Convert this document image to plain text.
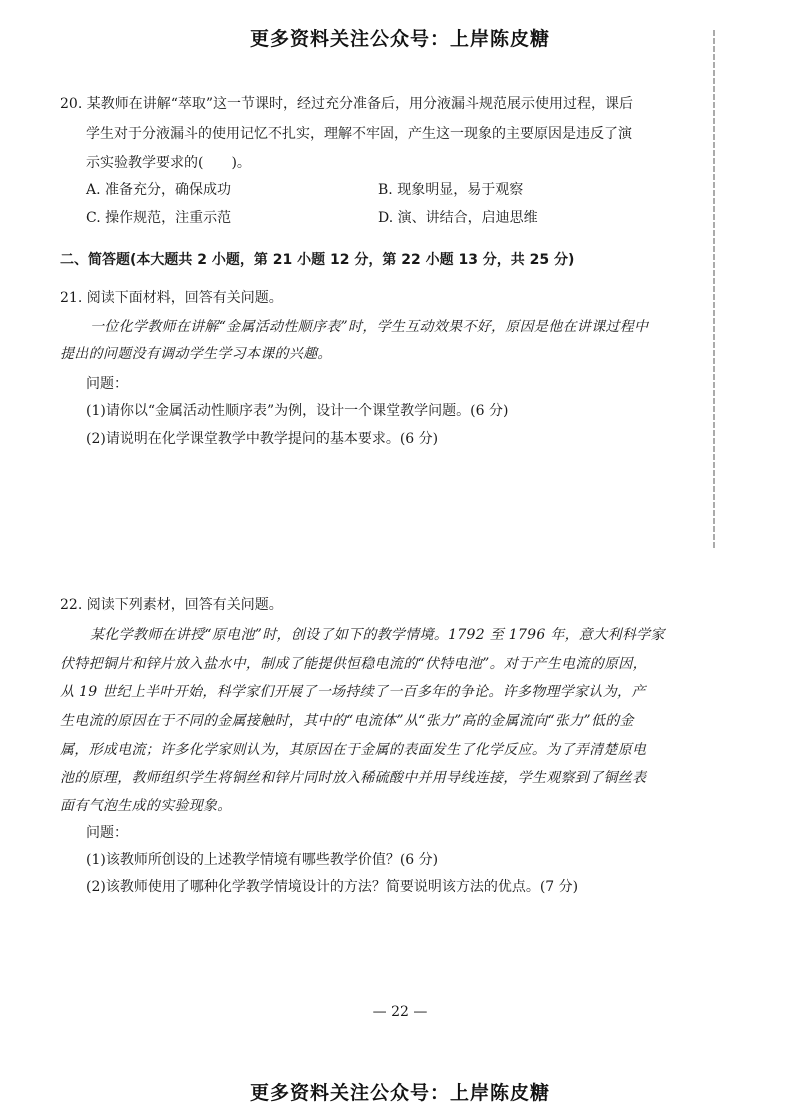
更多资料关注公众号：上岸陈皮糖
20. 某教师在讲解“萃取”这一节课时，经过充分准备后，用分液漏斗规范展示使用过程，课后
学生对于分液漏斗的使用记忆不扎实，理解不牢固，产生这一现象的主要原因是违反了演
示实验教学要求的(　　)。
A. 准备充分，确保成功	B. 现象明显，易于观察
C. 操作规范，注重示范	D. 演、讲结合，启迪思维
二、简答题(本大题共 2 小题，第 21 小题 12 分，第 22 小题 13 分，共 25 分)
21. 阅读下面材料，回答有关问题。
一位化学教师在讲解“金属活动性顺序表”时，学生互动效果不好，原因是他在讲课过程中
提出的问题没有调动学生学习本课的兴趣。
问题：
(1)请你以“金属活动性顺序表”为例，设计一个课堂教学问题。(6 分)
(2)请说明在化学课堂教学中教学提问的基本要求。(6 分)
22. 阅读下列素材，回答有关问题。
某化学教师在讲授“原电池”时，创设了如下的教学情境。1792 至 1796 年，意大利科学家
伏特把铜片和锌片放入盐水中，制成了能提供恒稳电流的“伏特电池”。对于产生电流的原因，
从 19 世纪上半叶开始，科学家们开展了一场持续了一百多年的争论。许多物理学家认为，产
生电流的原因在于不同的金属接触时，其中的“电流体”从“张力”高的金属流向“张力”低的金
属，形成电流；许多化学家则认为，其原因在于金属的表面发生了化学反应。为了弄清楚原电
池的原理，教师组织学生将铜丝和锌片同时放入稀硫酸中并用导线连接，学生观察到了铜丝表
面有气泡生成的实验现象。
问题：
(1)该教师所创设的上述教学情境有哪些教学价值？(6 分)
(2)该教师使用了哪种化学教学情境设计的方法？简要说明该方法的优点。(7 分)
— 22 —
更多资料关注公众号：上岸陈皮糖
